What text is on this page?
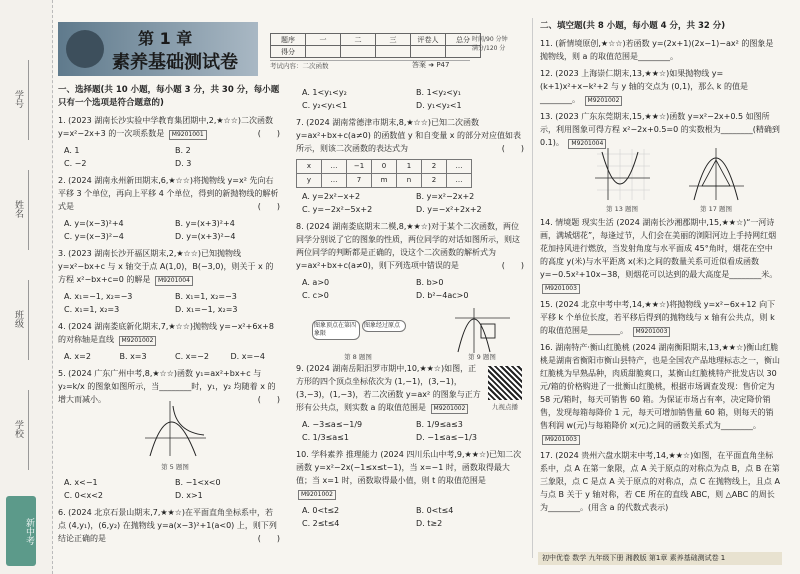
学号
姓名
班级
学校
新中考
第 1 章
素养基础测试卷
题序	一	二	三	评卷人	总分
得分					
时间/90 分钟
满分/120 分
考试内容：二次函数	答案 ➜ P47

一、选择题(共 10 小题，每小题 3 分，共 30 分，每小题只有一个选项是符合题意的)

1. (2023 湖南长沙实验中学教育集团期中,2,★☆☆)二次函数 y=x²−2x+3 的一次项系数是 M9201001	(　　)

A. 1	B. 2
C. −2	D. 3

2. (2024 湖南永州新田期末,6,★☆☆)将抛物线 y=x² 先向右平移 3 个单位，再向上平移 4 个单位，得到的新抛物线的解析式是	(　　)

A. y=(x−3)²+4	B. y=(x+3)²+4
C. y=(x−3)²−4	D. y=(x+3)²−4

3. (2023 湖南长沙开福区期末,2,★☆☆)已知抛物线 y=x²−bx+c 与 x 轴交于点 A(1,0)，B(−3,0)，则关于 x 的方程 x²−bx+c=0 的解是 M9201004

A. x₁=−1, x₂=−3	B. x₁=1, x₂=−3
C. x₁=1, x₂=3	D. x₁=−1, x₂=3

4. (2024 湖南娄底新化期末,7,★☆☆)抛物线 y=−x²+6x+8 的对称轴是直线 M9201002

A. x=2	B. x=3	C. x=−2	D. x=−4

5. (2024 广东广州中考,8,★☆☆)函数 y₁=ax²+bx+c 与 y₂=k/x 的图象如图所示，当________时，y₁，y₂ 均随着 x 的增大而减小。	(　　)

第 5 题图
A. x<−1	B. −1<x<0
C. 0<x<2	D. x>1

6. (2024 北京石景山期末,7,★★☆)在平面直角坐标系中，若点 (4,y₁)，(6,y₂) 在抛物线 y=a(x−3)²+1(a<0) 上，则下列结论正确的是	(　　)

A. 1<y₁<y₂	B. 1<y₂<y₁
C. y₂<y₁<1	D. y₁<y₂<1

7. (2024 湖南常德津市期末,8,★☆☆)已知二次函数 y=ax²+bx+c(a≠0) 的函数值 y 和自变量 x 的部分对应值如表所示，则该二次函数的表达式为	(　　)

x	…	−1	0	1	2	…
y	…	7	m	n	2	…
A. y=2x²−x+2	B. y=x²−2x+2
C. y=−2x²−5x+2	D. y=−x²+2x+2

8. (2024 湖南娄底期末二模,8,★★☆)对于某个二次函数，两位同学分别说了它的图象的性质，两位同学的对话如图所示，则这两位同学的判断都是正确的，设这个二次函数的解析式为 y=ax²+bx+c(a≠0)，则下列选项中错误的是	(　　)

A. a>0	B. b>0
C. c>0	D. b²−4ac>0
图象顶点在第四象限
图象经过原点
第 8 题图	第 9 题图

9. (2024 湖南岳阳汨罗市期中,10,★★☆)如图，正方形的四个顶点坐标依次为 (1,−1)，(3,−1)，(3,−3)，(1,−3)，若二次函数 y=ax² 的图象与正方形有公共点，则实数 a 的取值范围是 M9201002

A. −3≤a≤−1/9	B. 1/9≤a≤3
C. 1/3≤a≤1	D. −1≤a≤−1/3

10. 学科素养 推理能力 (2024 四川乐山中考,9,★★☆)已知二次函数 y=x²−2x(−1≤x≤t−1)，当 x=−1 时，函数取得最大值；当 x=1 时，函数取得最小值，则 t 的取值范围是 M9201002

A. 0<t≤2	B. 0<t≤4
C. 2≤t≤4	D. t≥2
九视点播

二、填空题(共 8 小题，每小题 4 分，共 32 分)

11. (新情境原创,★☆☆)若函数 y=(2x+1)(2x−1)−ax² 的图象是抛物线，则 a 的取值范围是________。

12. (2023 上海崇仁期末,13,★★☆)如果抛物线 y=(k+1)x²+x−k²+2 与 y 轴的交点为 (0,1)，那么 k 的值是________。 M9201002

13. (2023 广东东莞期末,15,★★☆)函数 y=x²−2x+0.5 如图所示，利用图象可得方程 x²−2x+0.5=0 的实数根为________(精确到 0.1)。 M9201004

第 13 题图	第 17 题图

14. 情境题 现实生活 (2024 湖南长沙湘郡期中,15,★★☆)“一河诗画，满城烟花”，每逢过节，人们会在美丽的浏阳河边上手持网红烟花加持风进行燃放，当发射角度与水平面成 45°角时，烟花在空中的高度 y(米)与水平距离 x(米)之间的数量关系可近似看成函数 y=−0.5x²+10x−38，则烟花可以达到的最大高度是________米。 M9201003

15. (2024 北京中考中考,14,★★☆)将抛物线 y=x²−6x+12 向下平移 k 个单位长度，若平移后得到的抛物线与 x 轴有公共点，则 k 的取值范围是________。 M9201003

16. 湖南特产·衡山红脆桃 (2024 湖南衡阳期末,13,★★☆)衡山红脆桃是湖南省衡阳市衡山县特产，也是全国农产品地理标志之一，衡山红脆桃为早熟品种，肉质甜脆爽口，某衡山红脆桃特产批发店以 30 元/箱的价格购进了一批衡山红脆桃，根据市场调查发现：售价定为 58 元/箱时，每天可销售 60 箱。为保证市场占有率，决定降价销售，发现每箱每降价 1 元，每天可增加销售量 60 箱，则每天的销售利润 w(元)与每箱降价 x(元)之间的函数关系式为________。 M9201003

17. (2024 贵州六盘水期末中考,14,★★☆)如图，在平面直角坐标系中，点 A 在第一象限，点 A 关于原点的对称点为点 B，点 B 在第三象限，点 C 是点 A 关于原点的对称点，点 C 在抛物线上，且点 A 与点 B 关于 y 轴对称，若 CE 所在的直线 ABC，则 △ABC 的周长为________。(用含 a 的代数式表示)

初中优卷 数学 九年级下册 湘教版 第1章 素养基础测试卷 1
